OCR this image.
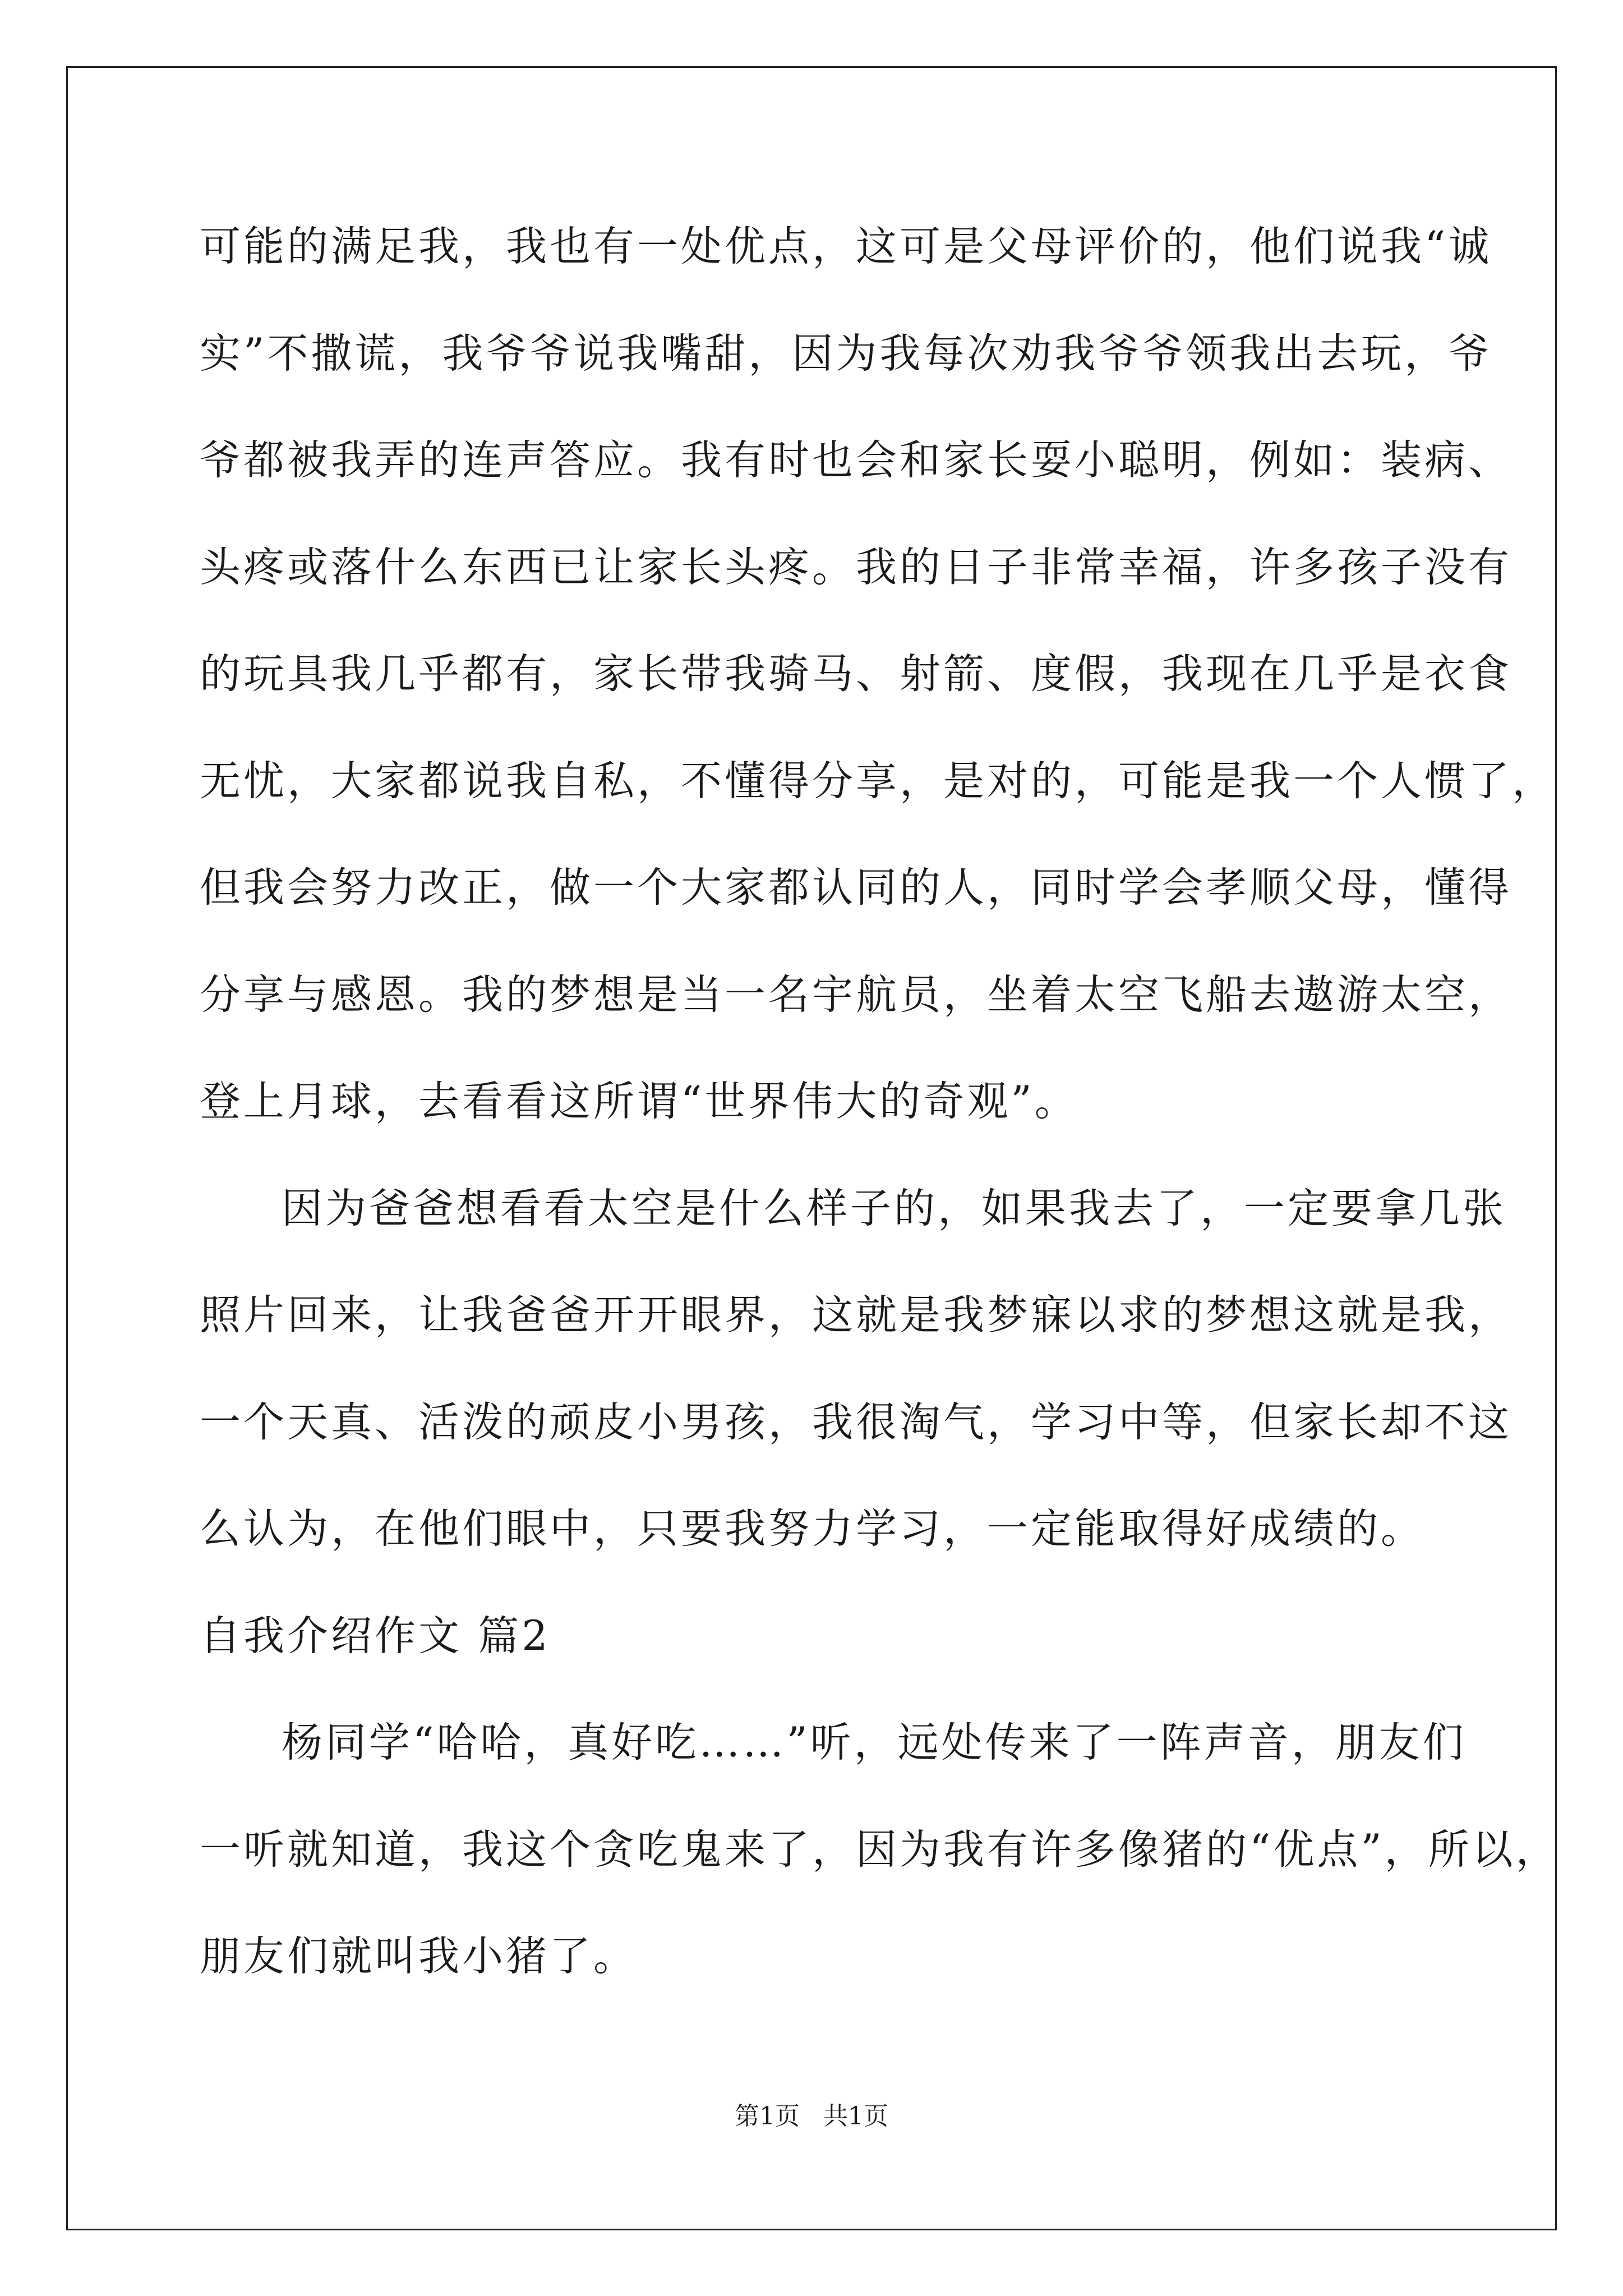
可能的满足我，我也有一处优点，这可是父母评价的，他们说我“诚
实”不撒谎，我爷爷说我嘴甜，因为我每次劝我爷爷领我出去玩，爷
爷都被我弄的连声答应。我有时也会和家长耍小聪明，例如：装病、
头疼或落什么东西已让家长头疼。我的日子非常幸福，许多孩子没有
的玩具我几乎都有，家长带我骑马、射箭、度假，我现在几乎是衣食
无忧，大家都说我自私，不懂得分享，是对的，可能是我一个人惯了，
但我会努力改正，做一个大家都认同的人，同时学会孝顺父母，懂得
分享与感恩。我的梦想是当一名宇航员，坐着太空飞船去遨游太空，
登上月球，去看看这所谓“世界伟大的奇观”。
因为爸爸想看看太空是什么样子的，如果我去了，一定要拿几张
照片回来，让我爸爸开开眼界，这就是我梦寐以求的梦想这就是我，
一个天真、活泼的顽皮小男孩，我很淘气，学习中等，但家长却不这
么认为，在他们眼中，只要我努力学习，一定能取得好成绩的。
自我介绍作文 篇2
杨同学“哈哈，真好吃……”听，远处传来了一阵声音，朋友们
一听就知道，我这个贪吃鬼来了，因为我有许多像猪的“优点”，所以，
朋友们就叫我小猪了。
第1页   共1页
